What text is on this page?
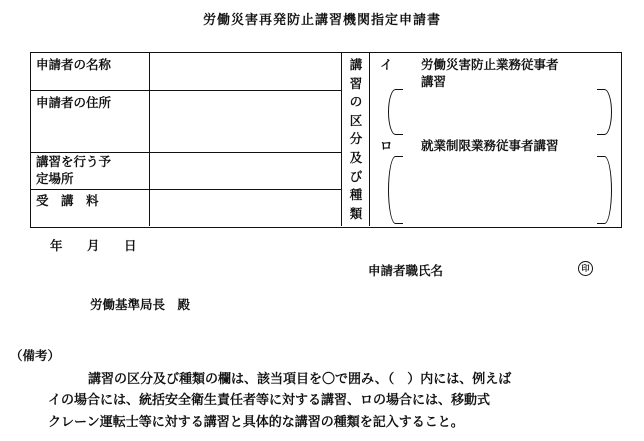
労働災害再発防止講習機関指定申請書
申請者の名称
申請者の住所
講習を行う予
定場所
受　講　料
講
習
の
区
分
及
び
種
類
イ 労働災害防止業務従事者
講習
ロ 就業制限業務従事者講習
年 月 日
申請者職氏名	印
労働基準局長　殿
（備考）
講習の区分及び種類の欄は、該当項目を〇で囲み、（　）内には、例えば
イの場合には、統括安全衛生責任者等に対する講習、ロの場合には、移動式
クレーン運転士等に対する講習と具体的な講習の種類を記入すること。
